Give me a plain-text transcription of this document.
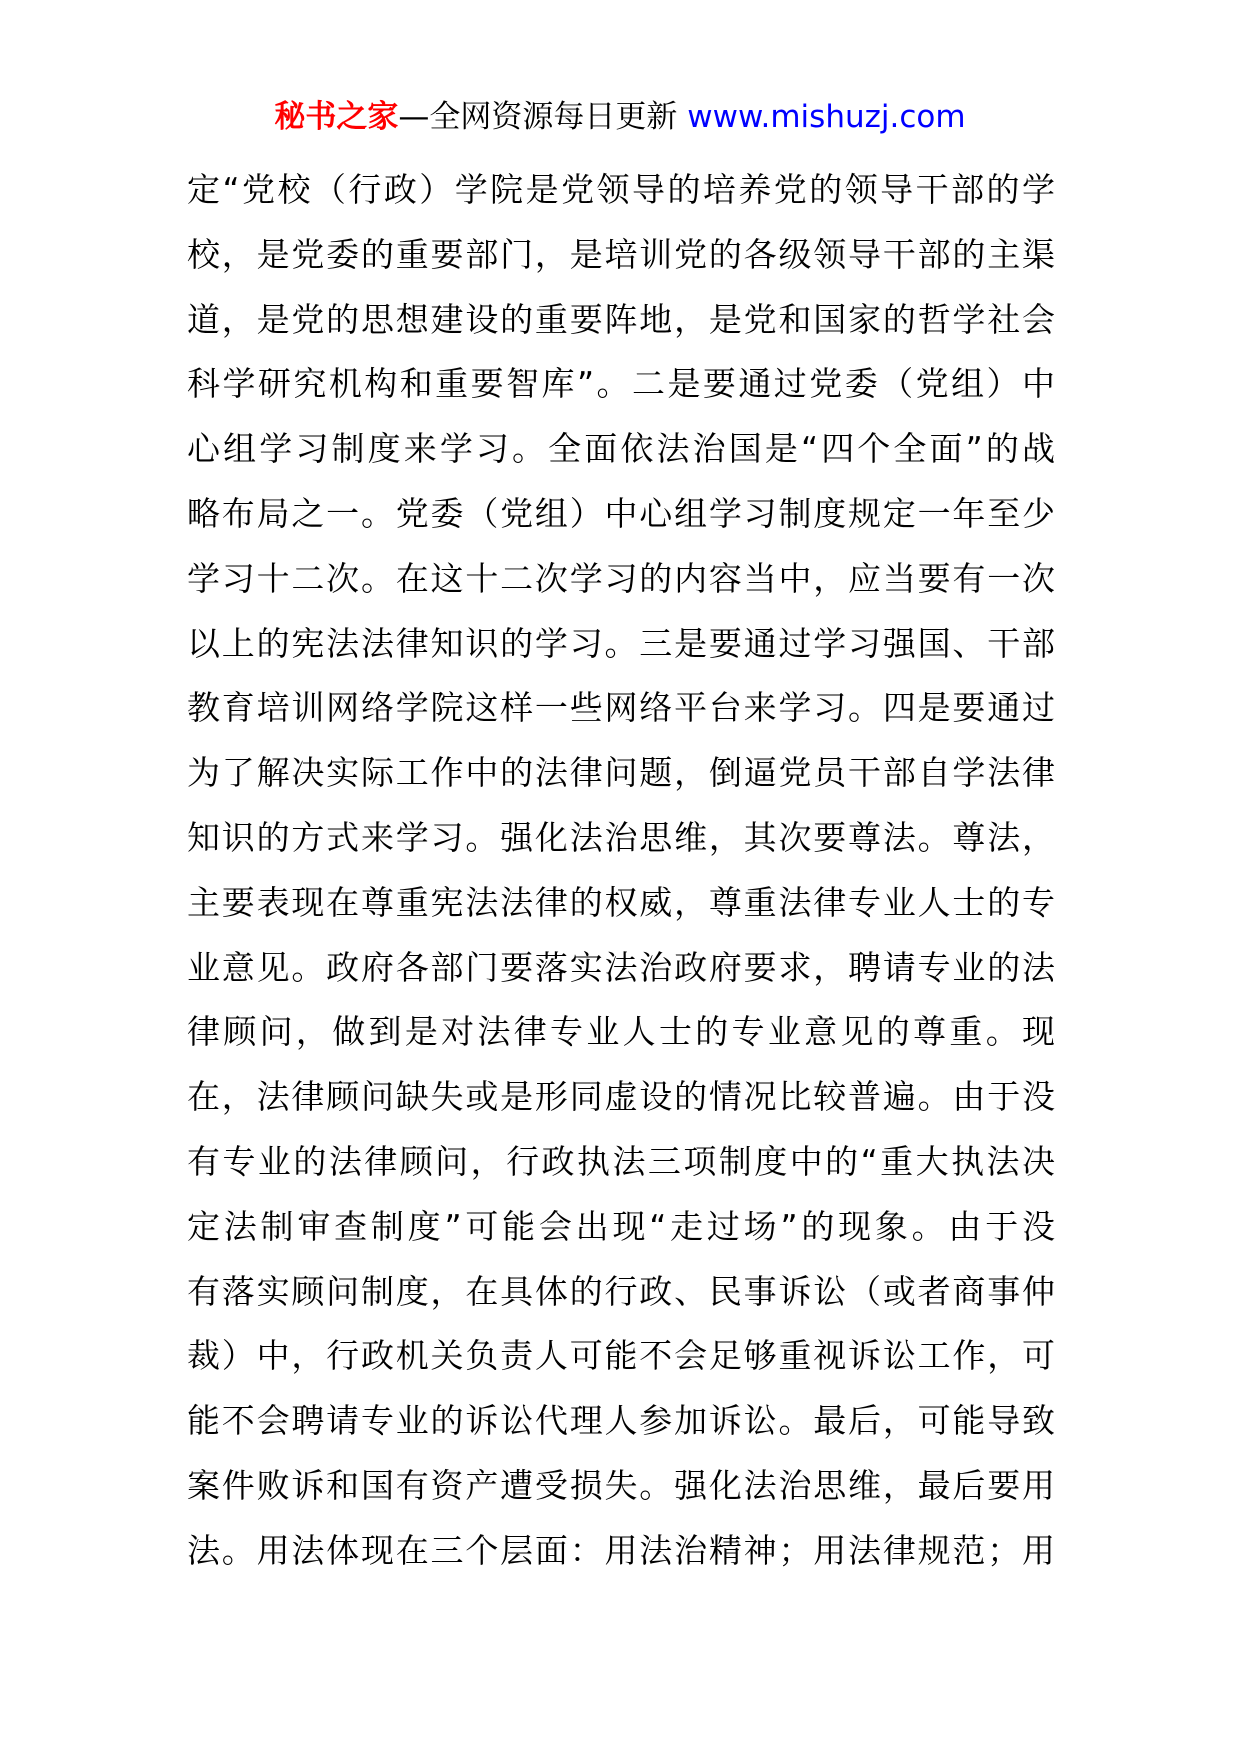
秘书之家—全网资源每日更新 www.mishuzj.com
定“党校（行政）学院是党领导的培养党的领导干部的学
校，是党委的重要部门，是培训党的各级领导干部的主渠
道，是党的思想建设的重要阵地，是党和国家的哲学社会
科学研究机构和重要智库”。二是要通过党委（党组）中
心组学习制度来学习。全面依法治国是“四个全面”的战
略布局之一。党委（党组）中心组学习制度规定一年至少
学习十二次。在这十二次学习的内容当中，应当要有一次
以上的宪法法律知识的学习。三是要通过学习强国、干部
教育培训网络学院这样一些网络平台来学习。四是要通过
为了解决实际工作中的法律问题，倒逼党员干部自学法律
知识的方式来学习。强化法治思维，其次要尊法。尊法，
主要表现在尊重宪法法律的权威，尊重法律专业人士的专
业意见。政府各部门要落实法治政府要求，聘请专业的法
律顾问，做到是对法律专业人士的专业意见的尊重。现
在，法律顾问缺失或是形同虚设的情况比较普遍。由于没
有专业的法律顾问，行政执法三项制度中的“重大执法决
定法制审查制度”可能会出现“走过场”的现象。由于没
有落实顾问制度，在具体的行政、民事诉讼（或者商事仲
裁）中，行政机关负责人可能不会足够重视诉讼工作，可
能不会聘请专业的诉讼代理人参加诉讼。最后，可能导致
案件败诉和国有资产遭受损失。强化法治思维，最后要用
法。用法体现在三个层面：用法治精神；用法律规范；用
